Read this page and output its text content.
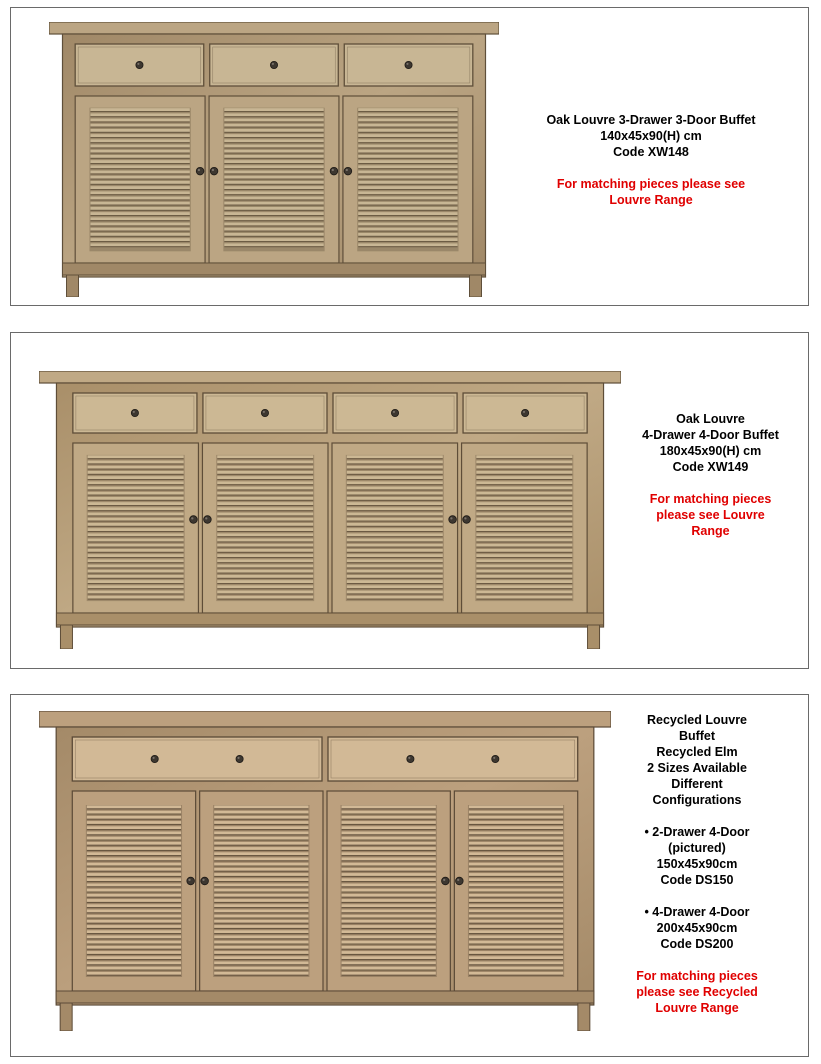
Oak Louvre 3-Drawer 3-Door Buffet
140x45x90(H) cm
Code XW148
For matching pieces please see
Louvre Range
Oak Louvre
4-Drawer 4-Door Buffet
180x45x90(H) cm
Code XW149
For matching pieces
please see Louvre
Range
Recycled Louvre
Buffet
Recycled Elm
2 Sizes Available
Different
Configurations
• 2-Drawer 4-Door
(pictured)
150x45x90cm
Code DS150
• 4-Drawer 4-Door
200x45x90cm
Code DS200
For matching pieces
please see Recycled
Louvre Range
